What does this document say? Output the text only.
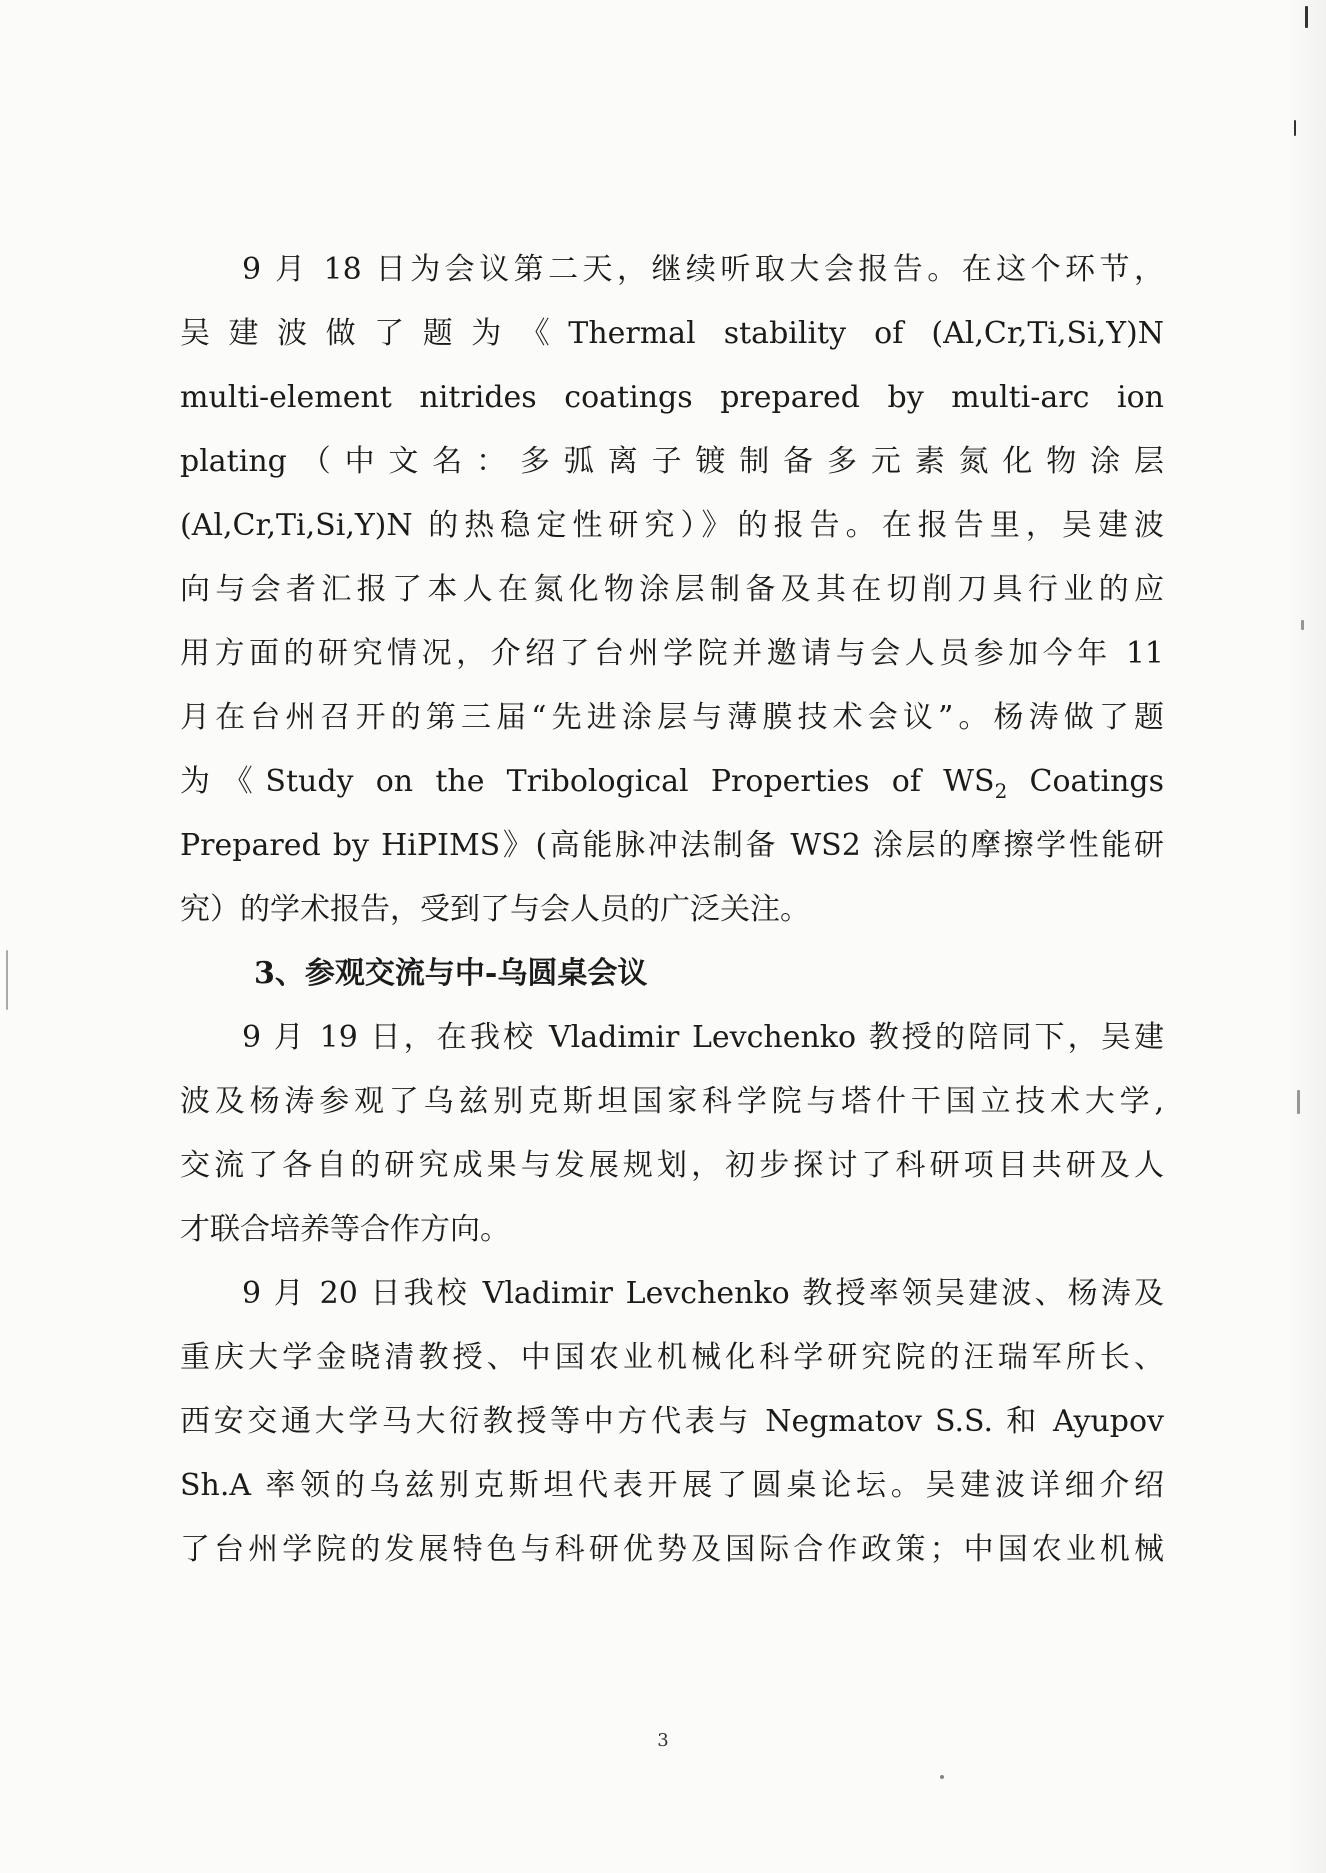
9 月 18 日为会议第二天，继续听取大会报告。在这个环节，
吴建波做了题为《Thermal stability of (Al,Cr,Ti,Si,Y)N
multi-element nitrides coatings prepared by multi-arc ion
plating（中文名：多弧离子镀制备多元素氮化物涂层
(Al,Cr,Ti,Si,Y)N 的热稳定性研究）》的报告。在报告里，吴建波
向与会者汇报了本人在氮化物涂层制备及其在切削刀具行业的应
用方面的研究情况，介绍了台州学院并邀请与会人员参加今年 11
月在台州召开的第三届“先进涂层与薄膜技术会议”。杨涛做了题
为《Study on the Tribological Properties of $WS_2$ Coatings
Prepared by HiPIMS》(高能脉冲法制备 WS2 涂层的摩擦学性能研
究）的学术报告，受到了与会人员的广泛关注。
3、参观交流与中-乌圆桌会议
9 月 19 日，在我校 Vladimir Levchenko 教授的陪同下，吴建
波及杨涛参观了乌兹别克斯坦国家科学院与塔什干国立技术大学,
交流了各自的研究成果与发展规划，初步探讨了科研项目共研及人
才联合培养等合作方向。
9 月 20 日我校 Vladimir Levchenko 教授率领吴建波、杨涛及
重庆大学金晓清教授、中国农业机械化科学研究院的汪瑞军所长、
西安交通大学马大衍教授等中方代表与 Negmatov S.S. 和 Ayupov
Sh.A 率领的乌兹别克斯坦代表开展了圆桌论坛。吴建波详细介绍
了台州学院的发展特色与科研优势及国际合作政策；中国农业机械
3
